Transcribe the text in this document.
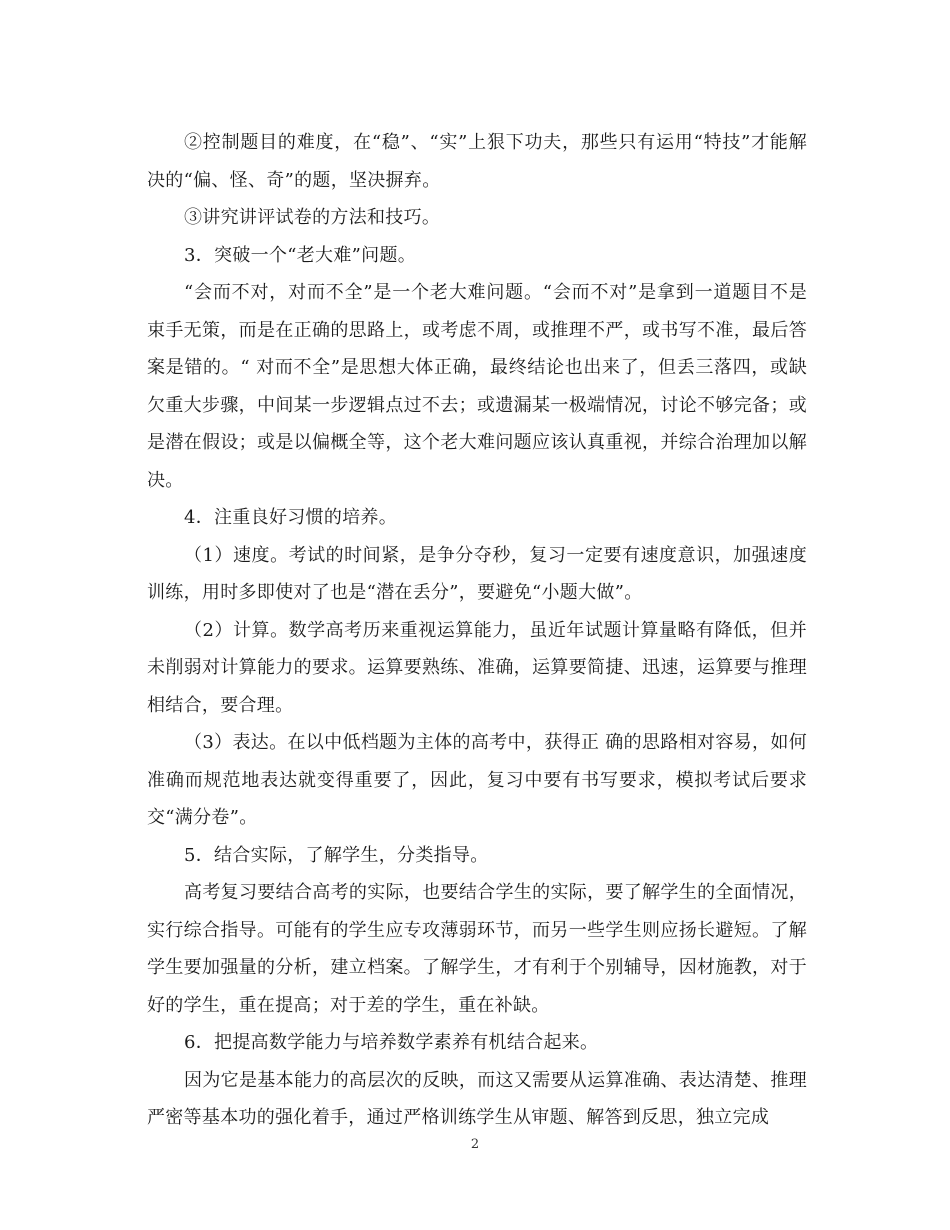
②控制题目的难度，在“稳”、“实”上狠下功夫，那些只有运用“特技”才能解决的“偏、怪、奇”的题，坚决摒弃。

③讲究讲评试卷的方法和技巧。

3．突破一个“老大难”问题。

“会而不对，对而不全”是一个老大难问题。“会而不对”是拿到一道题目不是束手无策，而是在正确的思路上，或考虑不周，或推理不严，或书写不准，最后答案是错的。“ 对而不全”是思想大体正确，最终结论也出来了，但丢三落四，或缺欠重大步骤，中间某一步逻辑点过不去；或遗漏某一极端情况，讨论不够完备；或是潜在假设；或是以偏概全等，这个老大难问题应该认真重视，并综合治理加以解决。

4．注重良好习惯的培养。

（1）速度。考试的时间紧，是争分夺秒，复习一定要有速度意识，加强速度训练，用时多即使对了也是“潜在丢分”，要避免“小题大做”。

（2）计算。数学高考历来重视运算能力，虽近年试题计算量略有降低，但并未削弱对计算能力的要求。运算要熟练、准确，运算要简捷、迅速，运算要与推理相结合，要合理。

（3）表达。在以中低档题为主体的高考中，获得正 确的思路相对容易，如何准确而规范地表达就变得重要了，因此，复习中要有书写要求，模拟考试后要求交“满分卷”。

5．结合实际，了解学生，分类指导。

高考复习要结合高考的实际，也要结合学生的实际，要了解学生的全面情况，实行综合指导。可能有的学生应专攻薄弱环节，而另一些学生则应扬长避短。了解学生要加强量的分析，建立档案。了解学生，才有利于个别辅导，因材施教，对于好的学生，重在提高；对于差的学生，重在补缺。

6．把提高数学能力与培养数学素养有机结合起来。

因为它是基本能力的高层次的反映，而这又需要从运算准确、表达清楚、推理严密等基本功的强化着手，通过严格训练学生从审题、解答到反思，独立完成

2
